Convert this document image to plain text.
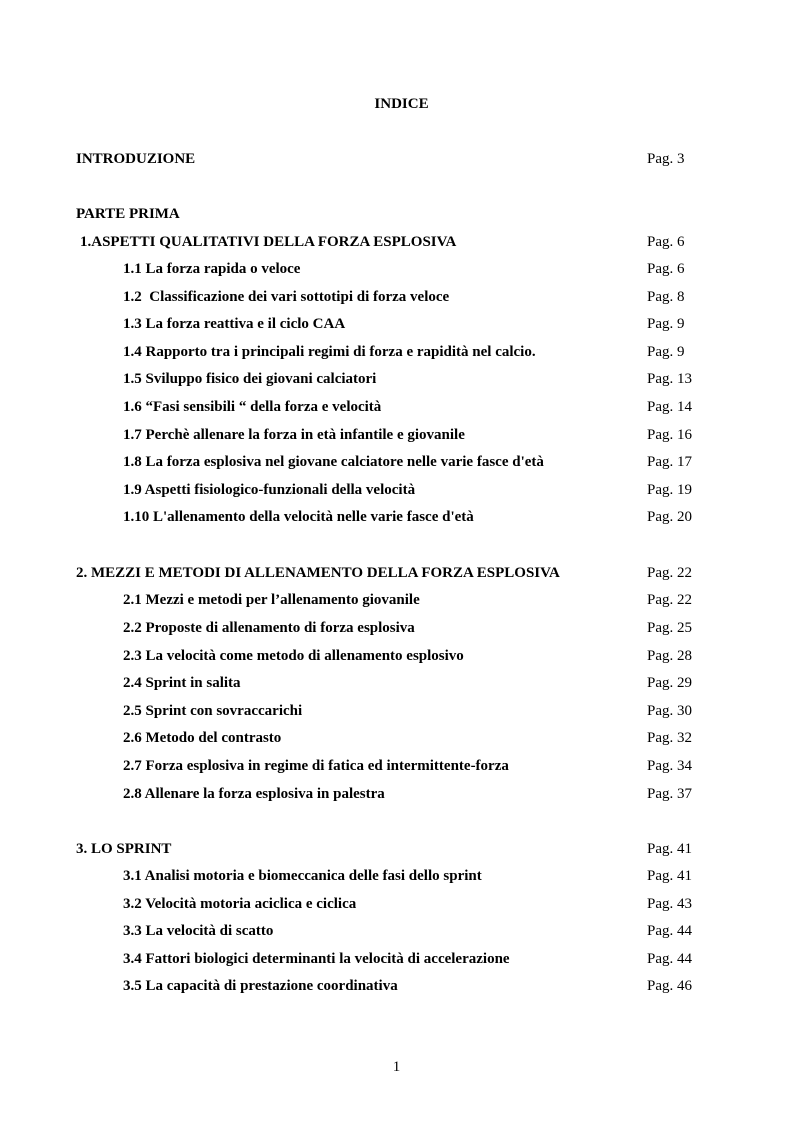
INDICE
INTRODUZIONE	Pag. 3
PARTE PRIMA
1.ASPETTI QUALITATIVI DELLA FORZA ESPLOSIVA	Pag. 6
1.1 La forza rapida o veloce	Pag. 6
1.2  Classificazione dei vari sottotipi di forza veloce	Pag. 8
1.3 La forza reattiva e il ciclo CAA	Pag. 9
1.4 Rapporto tra i principali regimi di forza e rapidità nel calcio.	Pag. 9
1.5 Sviluppo fisico dei giovani calciatori	Pag. 13
1.6 “Fasi sensibili “ della forza e velocità	Pag. 14
1.7 Perchè allenare la forza in età infantile e giovanile	Pag. 16
1.8 La forza esplosiva nel giovane calciatore nelle varie fasce d'età	Pag. 17
1.9 Aspetti fisiologico-funzionali della velocità	Pag. 19
1.10 L'allenamento della velocità nelle varie fasce d'età	Pag. 20
2. MEZZI E METODI DI ALLENAMENTO DELLA FORZA ESPLOSIVA	Pag. 22
2.1 Mezzi e metodi per l’allenamento giovanile	Pag. 22
2.2 Proposte di allenamento di forza esplosiva	Pag. 25
2.3 La velocità come metodo di allenamento esplosivo	Pag. 28
2.4 Sprint in salita	Pag. 29
2.5 Sprint con sovraccarichi	Pag. 30
2.6 Metodo del contrasto	Pag. 32
2.7 Forza esplosiva in regime di fatica ed intermittente-forza	Pag. 34
2.8 Allenare la forza esplosiva in palestra	Pag. 37
3. LO SPRINT	Pag. 41
3.1 Analisi motoria e biomeccanica delle fasi dello sprint	Pag. 41
3.2 Velocità motoria aciclica e ciclica	Pag. 43
3.3 La velocità di scatto	Pag. 44
3.4 Fattori biologici determinanti la velocità di accelerazione	Pag. 44
3.5 La capacità di prestazione coordinativa	Pag. 46
1
